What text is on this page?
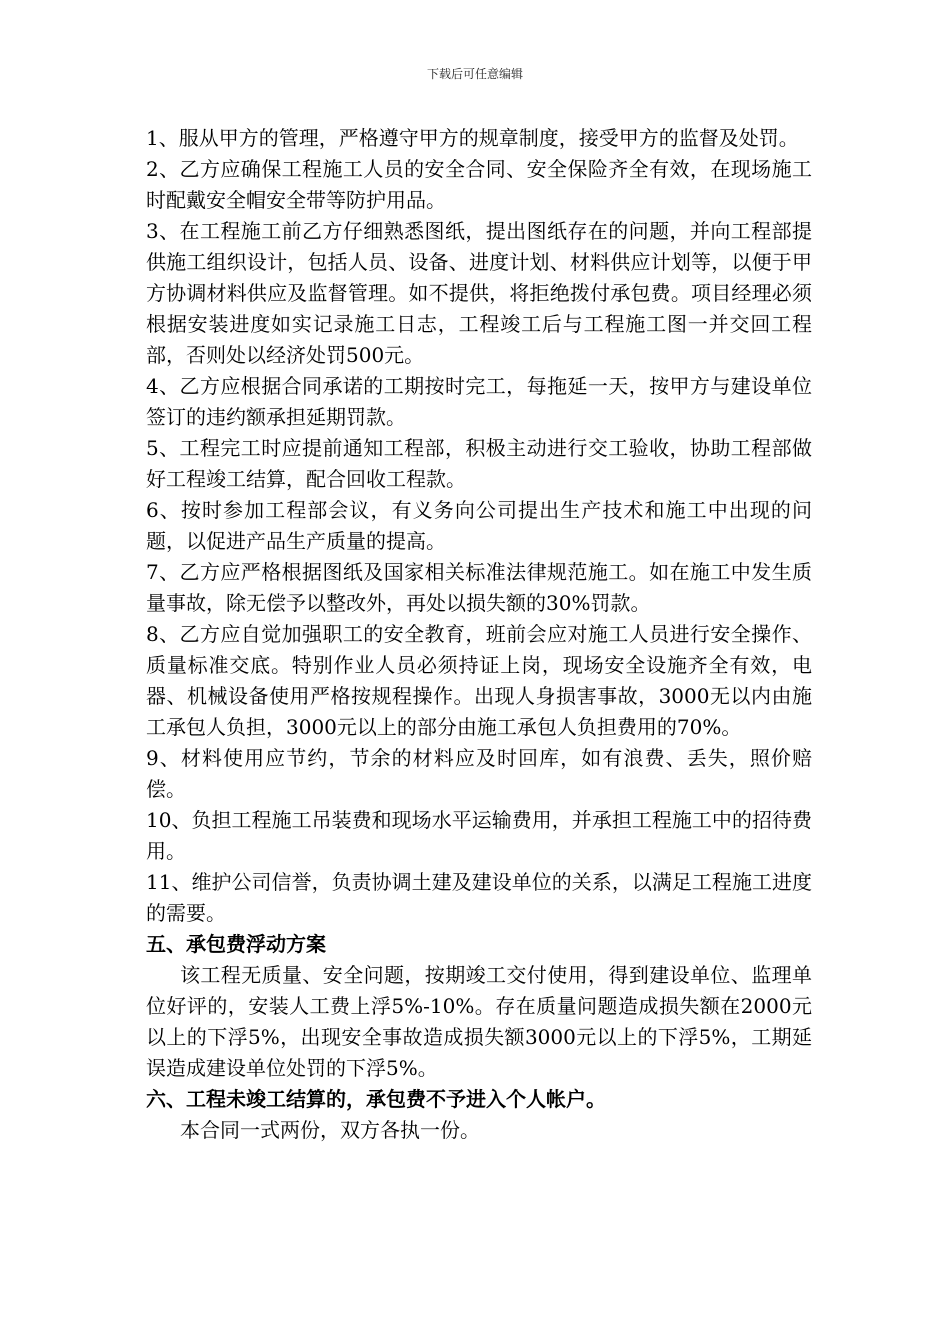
下载后可任意编辑

1、服从甲方的管理，严格遵守甲方的规章制度，接受甲方的监督及处罚。

2、乙方应确保工程施工人员的安全合同、安全保险齐全有效，在现场施工时配戴安全帽安全带等防护用品。

3、在工程施工前乙方仔细熟悉图纸，提出图纸存在的问题，并向工程部提供施工组织设计，包括人员、设备、进度计划、材料供应计划等，以便于甲方协调材料供应及监督管理。如不提供，将拒绝拨付承包费。项目经理必须根据安装进度如实记录施工日志，工程竣工后与工程施工图一并交回工程部，否则处以经济处罚500元。

4、乙方应根据合同承诺的工期按时完工，每拖延一天，按甲方与建设单位签订的违约额承担延期罚款。

5、工程完工时应提前通知工程部，积极主动进行交工验收，协助工程部做好工程竣工结算，配合回收工程款。

6、按时参加工程部会议，有义务向公司提出生产技术和施工中出现的问题，以促进产品生产质量的提高。

7、乙方应严格根据图纸及国家相关标准法律规范施工。如在施工中发生质量事故，除无偿予以整改外，再处以损失额的30%罚款。

8、乙方应自觉加强职工的安全教育，班前会应对施工人员进行安全操作、质量标准交底。特别作业人员必须持证上岗，现场安全设施齐全有效，电器、机械设备使用严格按规程操作。出现人身损害事故，3000无以内由施工承包人负担，3000元以上的部分由施工承包人负担费用的70%。

9、材料使用应节约，节余的材料应及时回库，如有浪费、丢失，照价赔偿。

10、负担工程施工吊装费和现场水平运输费用，并承担工程施工中的招待费用。

11、维护公司信誉，负责协调土建及建设单位的关系，以满足工程施工进度的需要。

五、承包费浮动方案

该工程无质量、安全问题，按期竣工交付使用，得到建设单位、监理单位好评的，安装人工费上浮5%-10%。存在质量问题造成损失额在2000元以上的下浮5%，出现安全事故造成损失额3000元以上的下浮5%，工期延误造成建设单位处罚的下浮5%。

六、工程未竣工结算的，承包费不予进入个人帐户。

本合同一式两份，双方各执一份。
